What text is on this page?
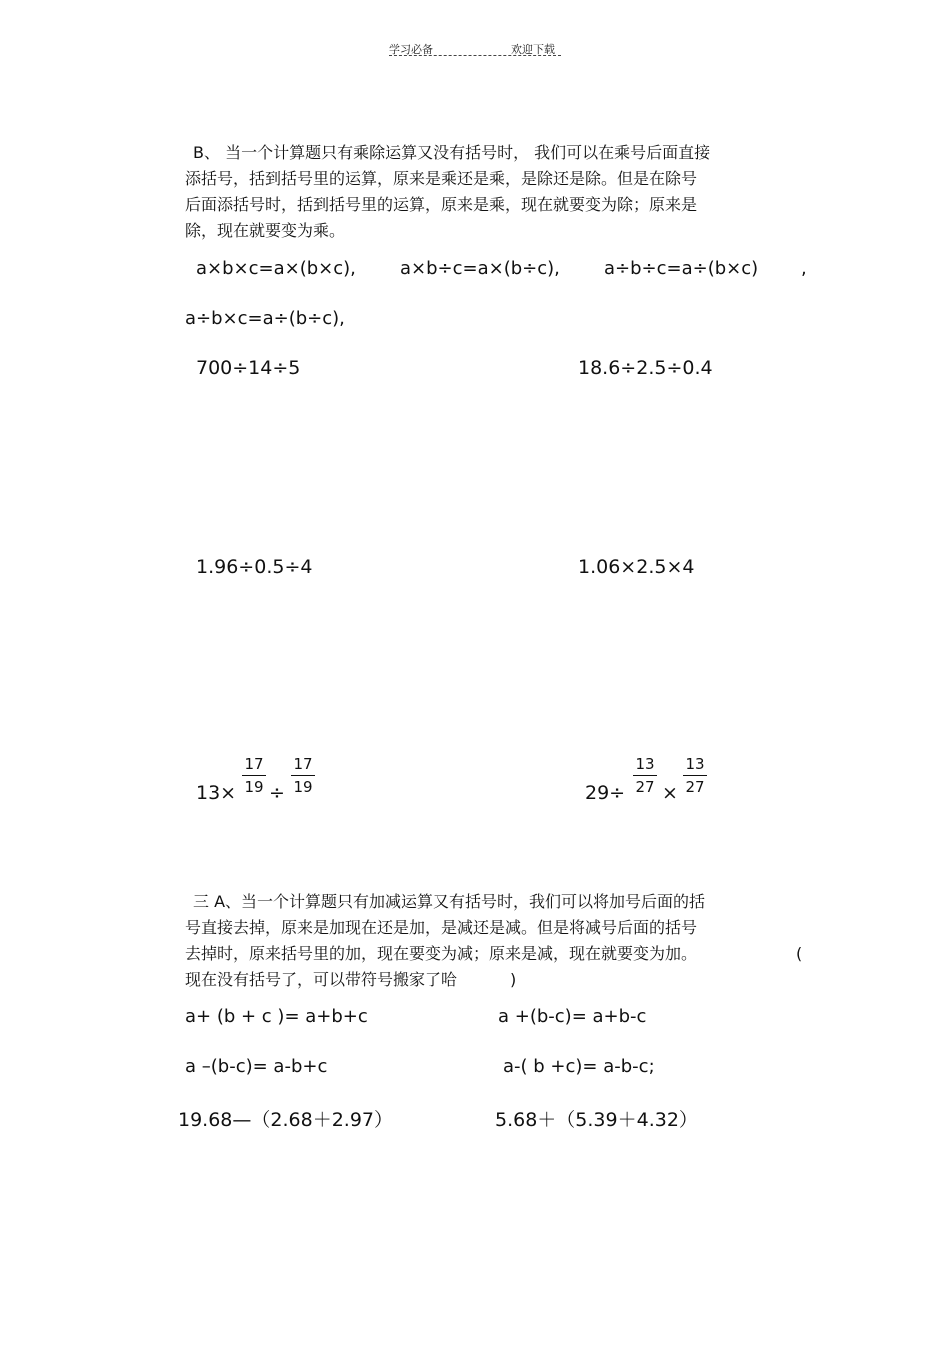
学习必备	欢迎下载
B、 当一个计算题只有乘除运算又没有括号时， 我们可以在乘号后面直接
添括号，括到括号里的运算，原来是乘还是乘，是除还是除。但是在除号
后面添括号时，括到括号里的运算，原来是乘，现在就要变为除；原来是
除，现在就要变为乘。
a×b×c=a×(b×c), a×b÷c=a×(b÷c), a÷b÷c=a÷(b×c) ,
a÷b×c=a÷(b÷c),
700÷14÷5	18.6÷2.5÷0.4
1.96÷0.5÷4	1.06×2.5×4
$13\times \frac{17}{19} \div \frac{17}{19}$	$29\div \frac{13}{27} \times \frac{13}{27}$
三 A、当一个计算题只有加减运算又有括号时，我们可以将加号后面的括
号直接去掉，原来是加现在还是加，是减还是减。但是将减号后面的括号
去掉时，原来括号里的加，现在要变为减；原来是减，现在就要变为加。	(
现在没有括号了，可以带符号搬家了哈	)
a+ (b + c )= a+b+c	a +(b-c)= a+b-c
a –(b-c)= a-b+c	a-( b +c)= a-b-c;
19.68—（2.68＋2.97）	5.68＋（5.39＋4.32）
